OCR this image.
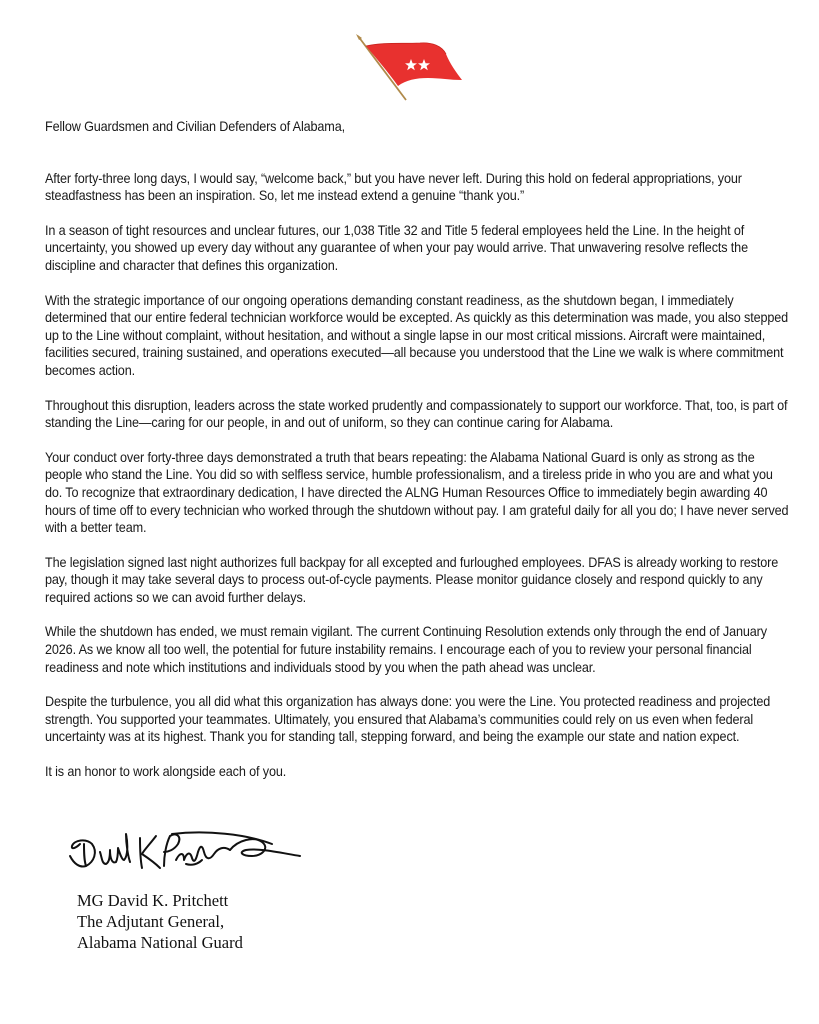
Fellow Guardsmen and Civilian Defenders of Alabama,

After forty-three long days, I would say, “welcome back,” but you have never left. During this hold on federal appropriations, your steadfastness has been an inspiration. So, let me instead extend a genuine “thank you.”

In a season of tight resources and unclear futures, our 1,038 Title 32 and Title 5 federal employees held the Line. In the height of uncertainty, you showed up every day without any guarantee of when your pay would arrive. That unwavering resolve reflects the discipline and character that defines this organization.

With the strategic importance of our ongoing operations demanding constant readiness, as the shutdown began, I immediately determined that our entire federal technician workforce would be excepted. As quickly as this determination was made, you also stepped up to the Line without complaint, without hesitation, and without a single lapse in our most critical missions. Aircraft were maintained, facilities secured, training sustained, and operations executed—all because you understood that the Line we walk is where commitment becomes action.

Throughout this disruption, leaders across the state worked prudently and compassionately to support our workforce. That, too, is part of standing the Line—caring for our people, in and out of uniform, so they can continue caring for Alabama.

Your conduct over forty-three days demonstrated a truth that bears repeating: the Alabama National Guard is only as strong as the people who stand the Line. You did so with selfless service, humble professionalism, and a tireless pride in who you are and what you do. To recognize that extraordinary dedication, I have directed the ALNG Human Resources Office to immediately begin awarding 40 hours of time off to every technician who worked through the shutdown without pay. I am grateful daily for all you do; I have never served with a better team.

The legislation signed last night authorizes full backpay for all excepted and furloughed employees. DFAS is already working to restore pay, though it may take several days to process out-of-cycle payments. Please monitor guidance closely and respond quickly to any required actions so we can avoid further delays.

While the shutdown has ended, we must remain vigilant. The current Continuing Resolution extends only through the end of January 2026. As we know all too well, the potential for future instability remains. I encourage each of you to review your personal financial readiness and note which institutions and individuals stood by you when the path ahead was unclear.

Despite the turbulence, you all did what this organization has always done: you were the Line. You protected readiness and projected strength. You supported your teammates. Ultimately, you ensured that Alabama’s communities could rely on us even when federal uncertainty was at its highest. Thank you for standing tall, stepping forward, and being the example our state and nation expect.

It is an honor to work alongside each of you.

MG David K. Pritchett
The Adjutant General,
Alabama National Guard
